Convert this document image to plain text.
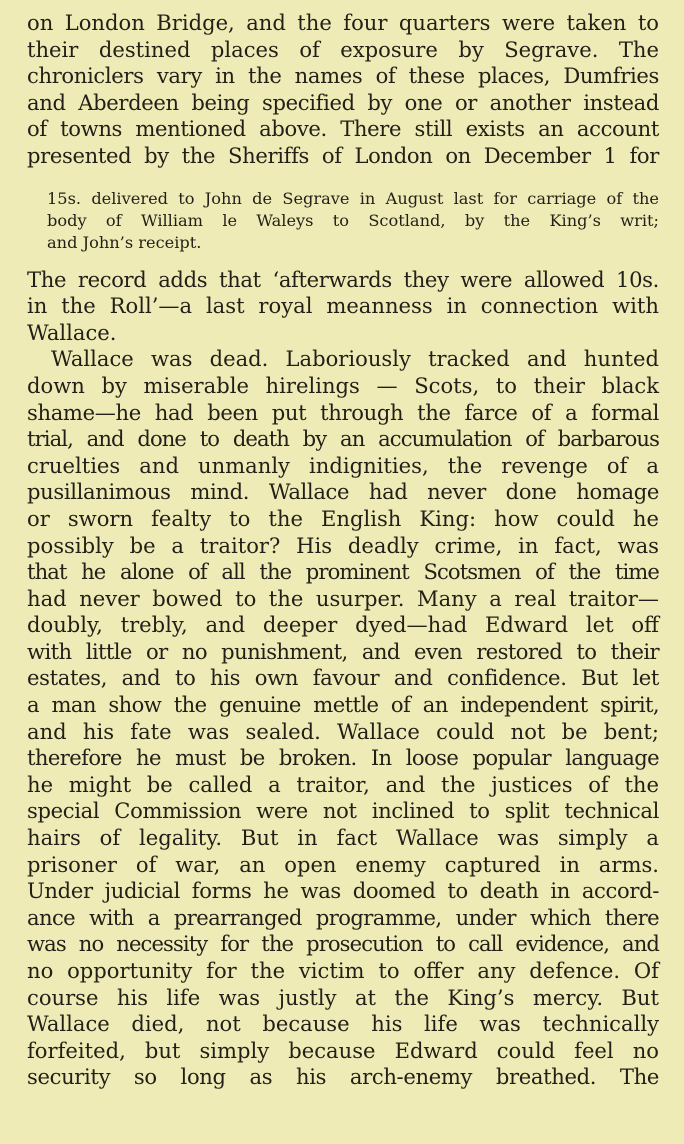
on London Bridge, and the four quarters were taken to
their destined places of exposure by Segrave. The
chroniclers vary in the names of these places, Dumfries
and Aberdeen being specified by one or another instead
of towns mentioned above. There still exists an account
presented by the Sheriffs of London on December 1 for
15s. delivered to John de Segrave in August last for carriage of the
body of William le Waleys to Scotland, by the King’s writ;
and John’s receipt.
The record adds that ‘afterwards they were allowed 10s.
in the Roll’—a last royal meanness in connection with
Wallace.
Wallace was dead. Laboriously tracked and hunted
down by miserable hirelings — Scots, to their black
shame—he had been put through the farce of a formal
trial, and done to death by an accumulation of barbarous
cruelties and unmanly indignities, the revenge of a
pusillanimous mind. Wallace had never done homage
or sworn fealty to the English King: how could he
possibly be a traitor? His deadly crime, in fact, was
that he alone of all the prominent Scotsmen of the time
had never bowed to the usurper. Many a real traitor—
doubly, trebly, and deeper dyed—had Edward let off
with little or no punishment, and even restored to their
estates, and to his own favour and confidence. But let
a man show the genuine mettle of an independent spirit,
and his fate was sealed. Wallace could not be bent;
therefore he must be broken. In loose popular language
he might be called a traitor, and the justices of the
special Commission were not inclined to split technical
hairs of legality. But in fact Wallace was simply a
prisoner of war, an open enemy captured in arms.
Under judicial forms he was doomed to death in accord-
ance with a prearranged programme, under which there
was no necessity for the prosecution to call evidence, and
no opportunity for the victim to offer any defence. Of
course his life was justly at the King’s mercy. But
Wallace died, not because his life was technically
forfeited, but simply because Edward could feel no
security so long as his arch-enemy breathed. The
